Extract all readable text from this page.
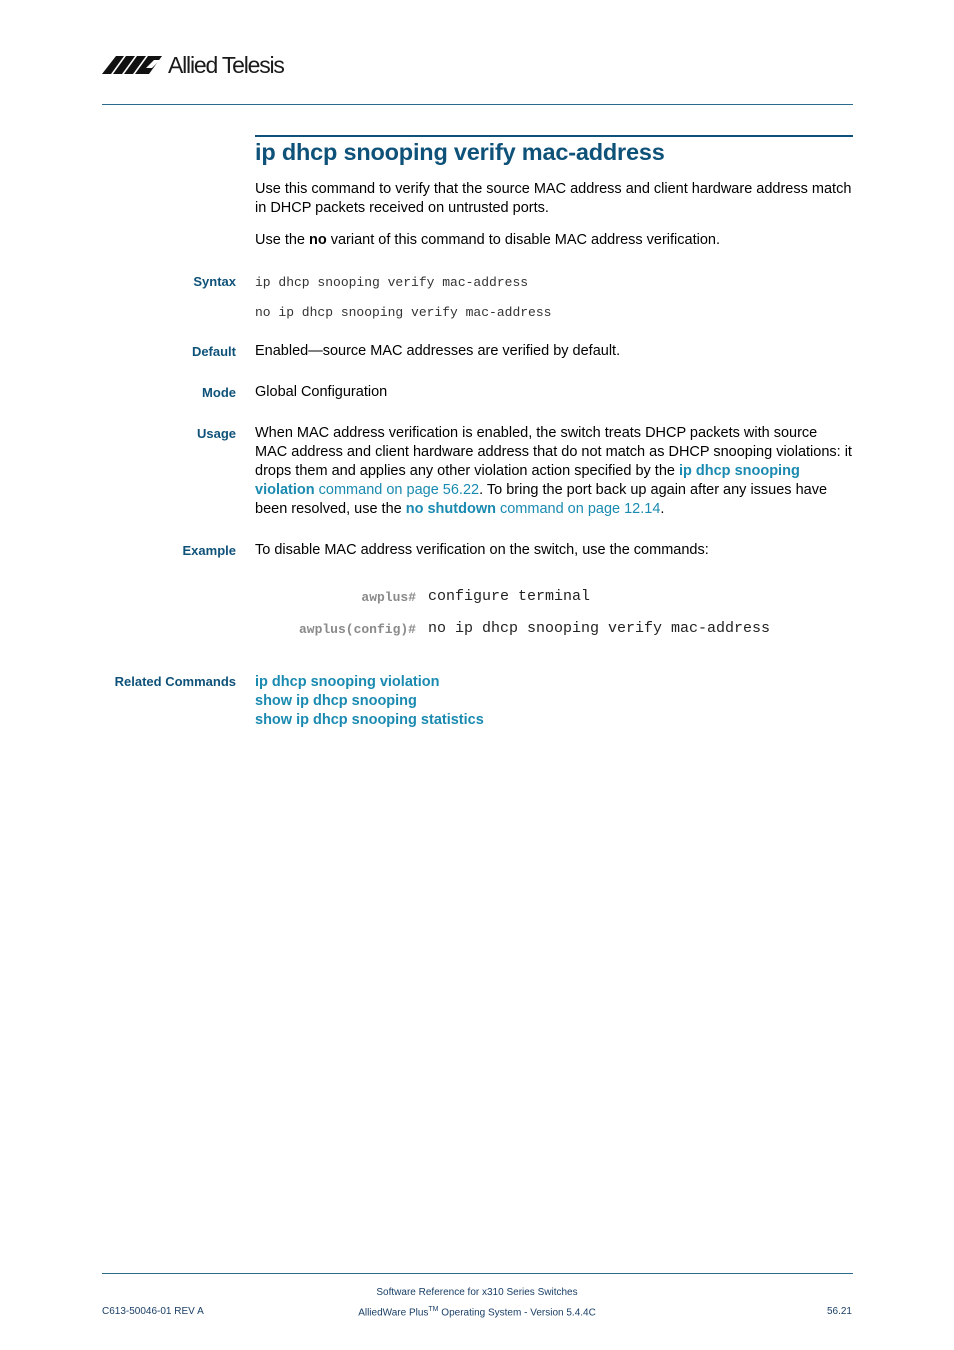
Allied Telesis
ip dhcp snooping verify mac-address

Use this command to verify that the source MAC address and client hardware address match in DHCP packets received on untrusted ports.

Use the no variant of this command to disable MAC address verification.

Syntax ip dhcp snooping verify mac-address
no ip dhcp snooping verify mac-address
Default Enabled—source MAC addresses are verified by default.

Mode Global Configuration

Usage When MAC address verification is enabled, the switch treats DHCP packets with source MAC address and client hardware address that do not match as DHCP snooping violations: it drops them and applies any other violation action specified by the ip dhcp snooping violation command on page 56.22. To bring the port back up again after any issues have been resolved, use the no shutdown command on page 12.14.

Example To disable MAC address verification on the switch, use the commands:

awplus# configure terminal
awplus(config)# no ip dhcp snooping verify mac-address
Related Commands ip dhcp snooping violation
show ip dhcp snooping
show ip dhcp snooping statistics
C613-50046-01 REV A
Software Reference for x310 Series Switches
AlliedWare Plus™ Operating System - Version 5.4.4C	56.21
